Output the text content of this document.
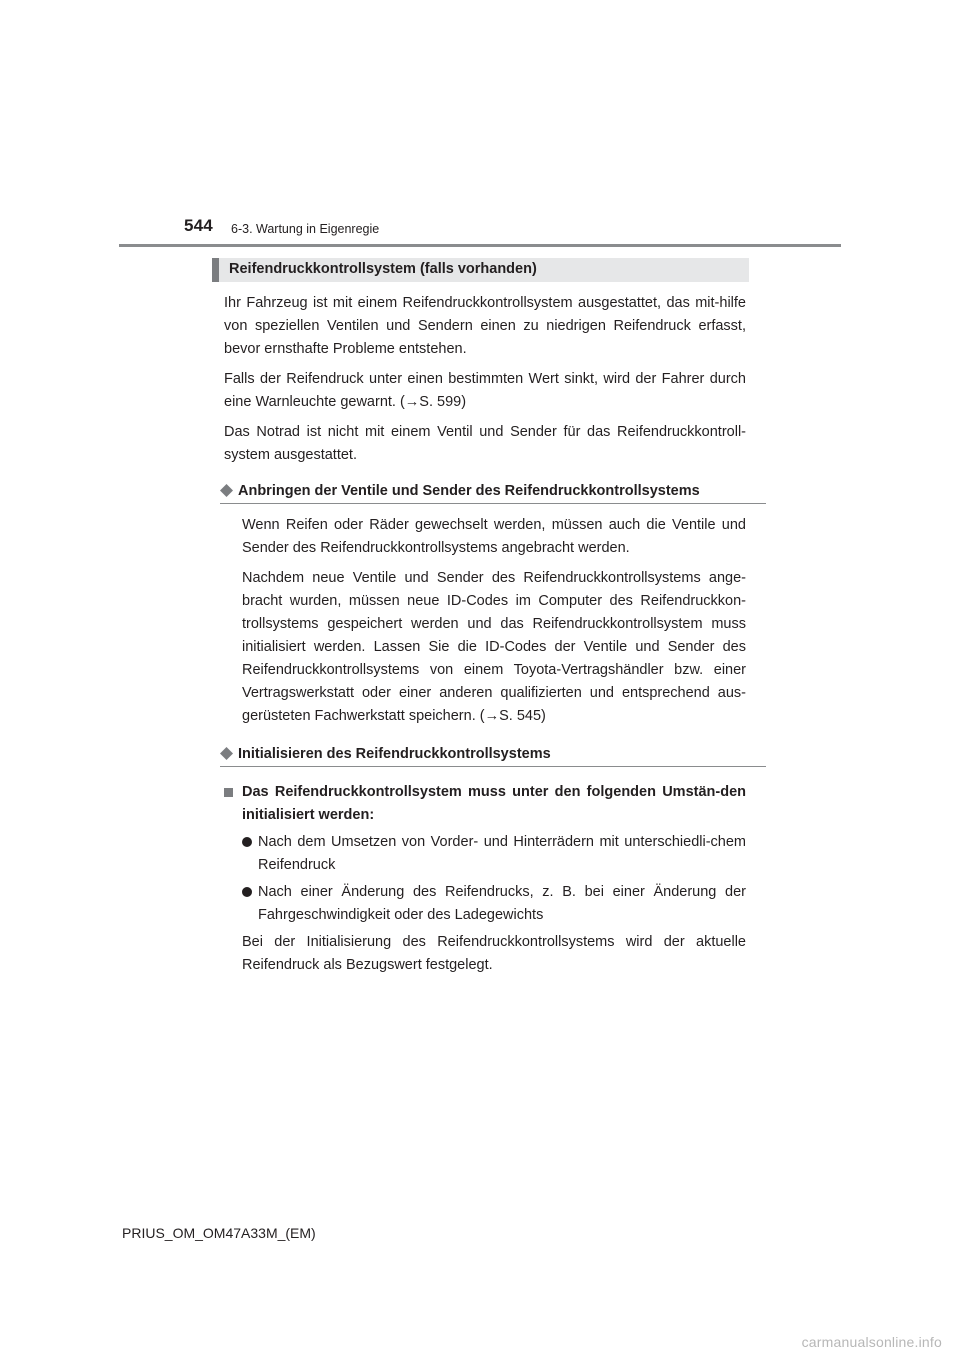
544 6-3. Wartung in Eigenregie
Reifendruckkontrollsystem (falls vorhanden)

Ihr Fahrzeug ist mit einem Reifendruckkontrollsystem ausgestattet, das mit-hilfe von speziellen Ventilen und Sendern einen zu niedrigen Reifendruck erfasst, bevor ernsthafte Probleme entstehen.

Falls der Reifendruck unter einen bestimmten Wert sinkt, wird der Fahrer durch eine Warnleuchte gewarnt. (→S. 599)

Das Notrad ist nicht mit einem Ventil und Sender für das Reifendruckkontroll-system ausgestattet.

Anbringen der Ventile und Sender des Reifendruckkontrollsystems

Wenn Reifen oder Räder gewechselt werden, müssen auch die Ventile und Sender des Reifendruckkontrollsystems angebracht werden.

Nachdem neue Ventile und Sender des Reifendruckkontrollsystems ange-bracht wurden, müssen neue ID-Codes im Computer des Reifendruckkon-trollsystems gespeichert werden und das Reifendruckkontrollsystem muss initialisiert werden. Lassen Sie die ID-Codes der Ventile und Sender des Reifendruckkontrollsystems von einem Toyota-Vertragshändler bzw. einer Vertragswerkstatt oder einer anderen qualifizierten und entsprechend aus-gerüsteten Fachwerkstatt speichern. (→S. 545)

Initialisieren des Reifendruckkontrollsystems
Das Reifendruckkontrollsystem muss unter den folgenden Umstän-den initialisiert werden:
Nach dem Umsetzen von Vorder- und Hinterrädern mit unterschiedli-chem Reifendruck
Nach einer Änderung des Reifendrucks, z. B. bei einer Änderung der Fahrgeschwindigkeit oder des Ladegewichts

Bei der Initialisierung des Reifendruckkontrollsystems wird der aktuelle Reifendruck als Bezugswert festgelegt.

PRIUS_OM_OM47A33M_(EM)
carmanualsonline.info
